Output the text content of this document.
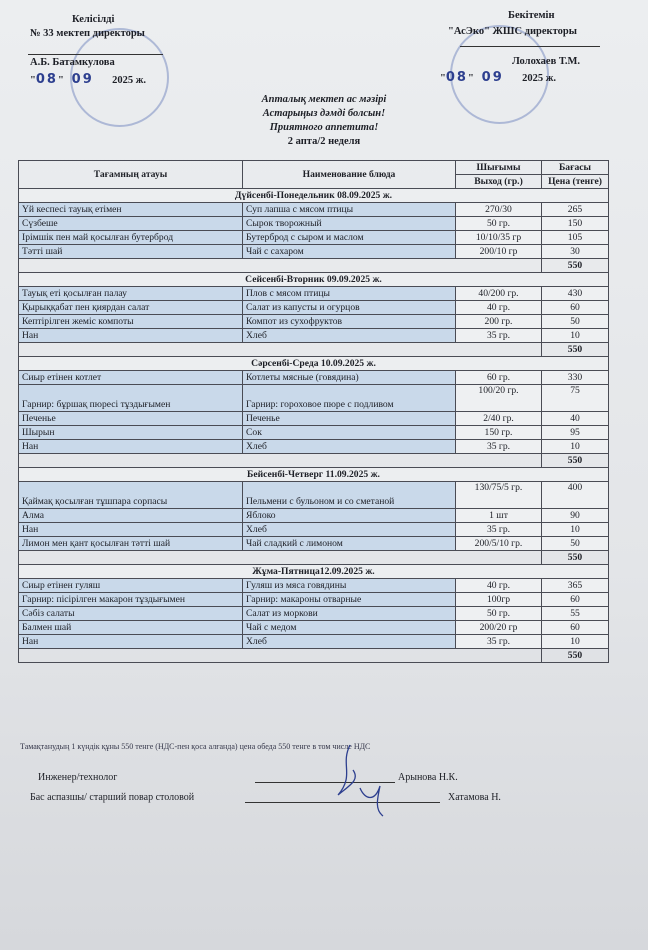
Келісілді
№ 33 мектеп директоры
А.Б. Батамкулова
"08"   09 2025 ж.
Бекітемін
"АсЭко" ЖШС директоры
Лолохаев Т.М.
"08"   09 2025 ж.
Апталық мектеп ас мәзірі
Астарыңыз дәмді болсын!
Приятного аппетита!
2 апта/2 неделя
Тағамның атауы	Наименование блюда	Шығымы	Бағасы
		Выход (гр.)	Цена (тенге)
Дүйсенбі-Понедельник 08.09.2025 ж.			
Үй кеспесі тауық етімен	Суп лапша с мясом птицы	270/30	265
Сүзбеше	Сырок творожный	50 гр.	150
Ірімшік пен май қосылған бутерброд	Бутерброд с сыром и маслом	10/10/35 гр	105
Тәтті шай	Чай с сахаром	200/10 гр	30
			550
Сейсенбі-Вторник 09.09.2025 ж.			
Тауық еті қосылған палау	Плов с мясом птицы	40/200 гр.	430
Қырыққабат пен қиярдан салат	Салат из капусты и огурцов	40 гр.	60
Кептірілген жеміс компоты	Компот из сухофруктов	200 гр.	50
Нан	Хлеб	35 гр.	10
			550
Сәрсенбі-Среда 10.09.2025 ж.			
Сиыр етінен котлет	Котлеты мясные (говядина)	60 гр.	330
Гарнир: бұршақ пюресі тұздығымен	Гарнир: гороховое пюре с подливом	100/20 гр.	75
Печенье	Печенье	2/40 гр.	40
Шырын	Сок	150 гр.	95
Нан	Хлеб	35 гр.	10
			550
Бейсенбі-Четверг 11.09.2025 ж.			
Қаймақ қосылған тұшпара сорпасы	Пельмени с бульоном и со сметаной	130/75/5 гр.	400
Алма	Яблоко	1 шт	90
Нан	Хлеб	35 гр.	10
Лимон мен қант қосылған тәтті шай	Чай сладкий с лимоном	200/5/10 гр.	50
			550
Жұма-Пятница12.09.2025 ж.			
Сиыр етінен гуляш	Гуляш из мяса говядины	40 гр.	365
Гарнир: пісірілген макарон тұздығымен	Гарнир: макароны отварные	100гр	60
Сәбіз салаты	Салат из моркови	50 гр.	55
Балмен шай	Чай с медом	200/20 гр	60
Нан	Хлеб	35 гр.	10
			550
Тамақтанудың 1 күндік құны 550 тенге (НДС-пен қоса алғанда) цена обеда 550 тенге в том числе НДС
Инженер/технолог	Арынова Н.К.
Бас аспазшы/ старший повар столовой	Хатамова Н.
